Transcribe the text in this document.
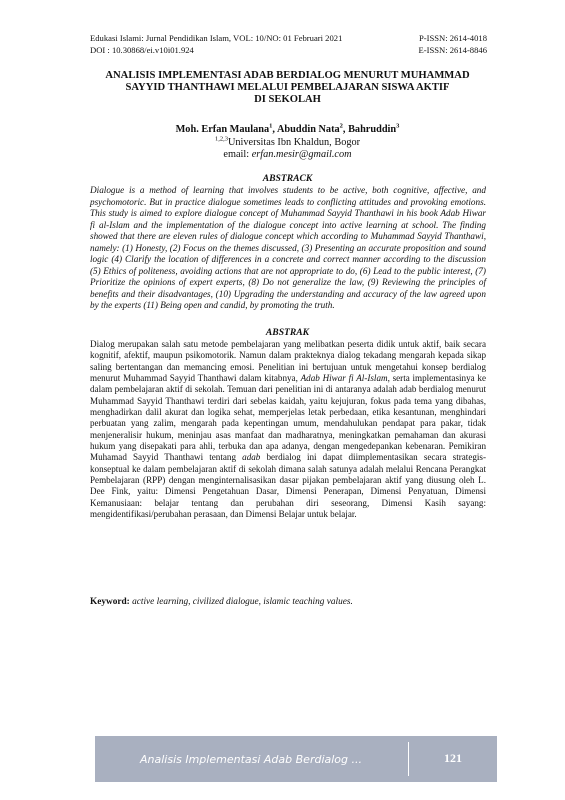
Edukasi Islami: Jurnal Pendidikan Islam, VOL: 10/NO: 01 Februari 2021	P-ISSN: 2614-4018
DOI : 10.30868/ei.v10i01.924	E-ISSN: 2614-8846
ANALISIS IMPLEMENTASI ADAB BERDIALOG MENURUT MUHAMMAD
SAYYID THANTHAWI MELALUI PEMBELAJARAN SISWA AKTIF
DI SEKOLAH
Moh. Erfan Maulana$^1$, Abuddin Nata$^2$, Bahruddin$^3$
$^{1,2,3}$Universitas Ibn Khaldun, Bogor
email: erfan.mesir@gmail.com
ABSTRACK
Dialogue is a method of learning that involves students to be active, both cognitive, affective, and psychomotoric. But in practice dialogue sometimes leads to conflicting attitudes and provoking emotions. This study is aimed to explore dialogue concept of Muhammad Sayyid Thanthawi in his book Adab Hiwar fi al-Islam and the implementation of the dialogue concept into active learning at school. The finding showed that there are eleven rules of dialogue concept which according to Muhammad Sayyid Thanthawi, namely: (1) Honesty, (2) Focus on the themes discussed, (3) Presenting an accurate proposition and sound logic (4) Clarify the location of differences in a concrete and correct manner according to the discussion (5) Ethics of politeness, avoiding actions that are not appropriate to do, (6) Lead to the public interest, (7) Prioritize the opinions of expert experts, (8) Do not generalize the law, (9) Reviewing the principles of benefits and their disadvantages, (10) Upgrading the understanding and accuracy of the law agreed upon by the experts (11) Being open and candid, by promoting the truth.
ABSTRAK
Dialog merupakan salah satu metode pembelajaran yang melibatkan peserta didik untuk aktif, baik secara kognitif, afektif, maupun psikomotorik. Namun dalam prakteknya dialog tekadang mengarah kepada sikap saling bertentangan dan memancing emosi. Penelitian ini bertujuan untuk mengetahui konsep berdialog menurut Muhammad Sayyid Thanthawi dalam kitabnya, Adab Hiwar fi Al-Islam, serta implementasinya ke dalam pembelajaran aktif di sekolah. Temuan dari penelitian ini di antaranya adalah adab berdialog menurut Muhammad Sayyid Thanthawi terdiri dari sebelas kaidah, yaitu kejujuran, fokus pada tema yang dibahas, menghadirkan dalil akurat dan logika sehat, memperjelas letak perbedaan, etika kesantunan, menghindari perbuatan yang zalim, mengarah pada kepentingan umum, mendahulukan pendapat para pakar, tidak menjeneralisir hukum, meninjau asas manfaat dan madharatnya, meningkatkan pemahaman dan akurasi hukum yang disepakati para ahli, terbuka dan apa adanya, dengan mengedepankan kebenaran. Pemikiran Muhamad Sayyid Thanthawi tentang adab berdialog ini dapat diimplementasikan secara strategis-konseptual ke dalam pembelajaran aktif di sekolah dimana salah satunya adalah melalui Rencana Perangkat Pembelajaran (RPP) dengan menginternalisasikan dasar pijakan pembelajaran aktif yang diusung oleh L. Dee Fink, yaitu: Dimensi Pengetahuan Dasar, Dimensi Penerapan, Dimensi Penyatuan, Dimensi Kemanusiaan: belajar tentang dan perubahan diri seseorang, Dimensi Kasih sayang: mengidentifikasi/perubahan perasaan, dan Dimensi Belajar untuk belajar.
Keyword: active learning, civilized dialogue, islamic teaching values.
Analisis Implementasi Adab Berdialog ...	121
